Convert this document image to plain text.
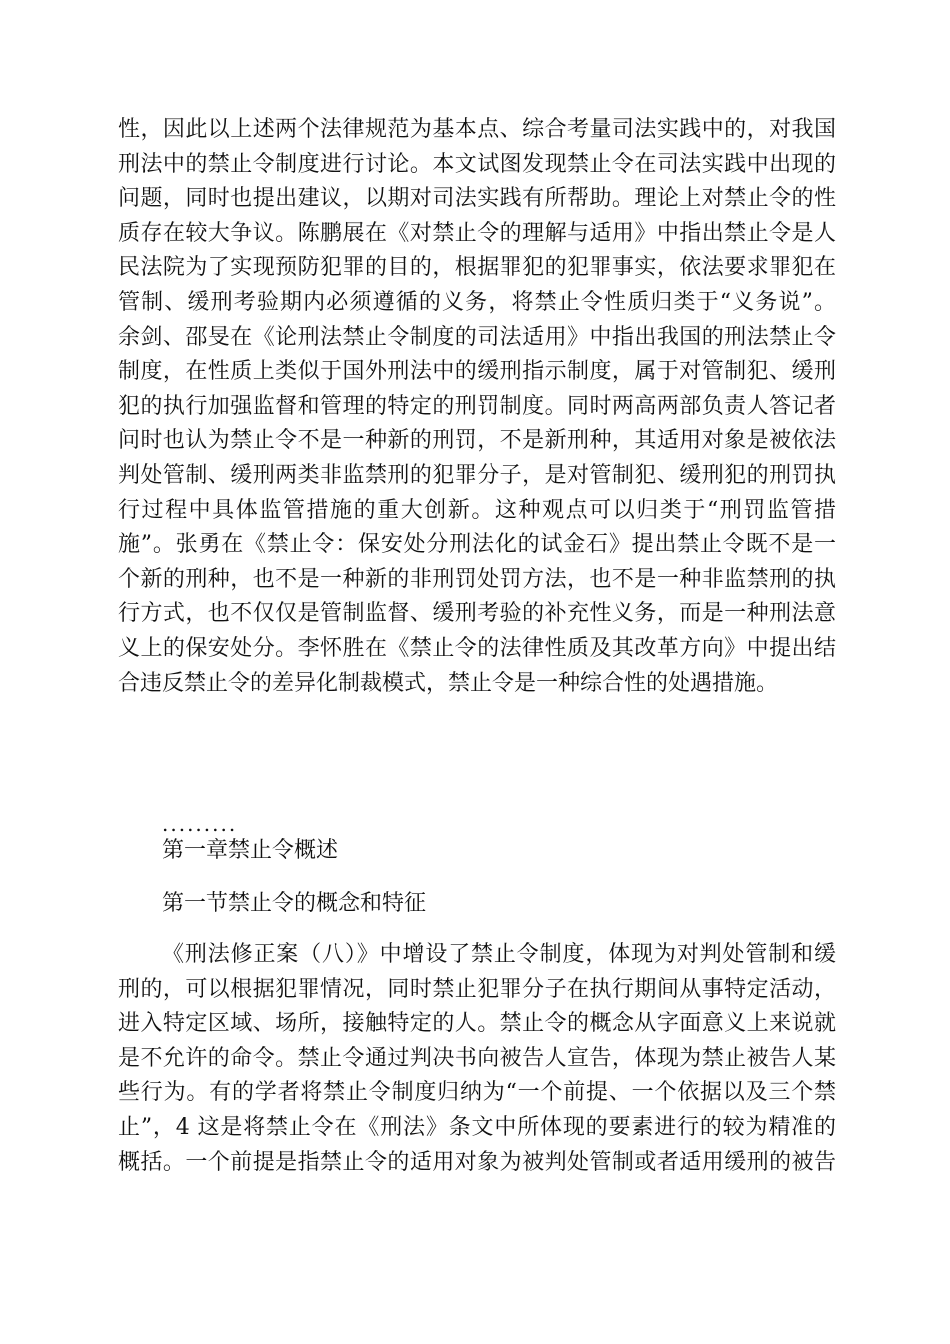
性，因此以上述两个法律规范为基本点、综合考量司法实践中的，对我国
刑法中的禁止令制度进行讨论。本文试图发现禁止令在司法实践中出现的
问题，同时也提出建议，以期对司法实践有所帮助。理论上对禁止令的性
质存在较大争议。陈鹏展在《对禁止令的理解与适用》中指出禁止令是人
民法院为了实现预防犯罪的目的，根据罪犯的犯罪事实，依法要求罪犯在
管制、缓刑考验期内必须遵循的义务，将禁止令性质归类于“义务说”。
余剑、邵旻在《论刑法禁止令制度的司法适用》中指出我国的刑法禁止令
制度，在性质上类似于国外刑法中的缓刑指示制度，属于对管制犯、缓刑
犯的执行加强监督和管理的特定的刑罚制度。同时两高两部负责人答记者
问时也认为禁止令不是一种新的刑罚，不是新刑种，其适用对象是被依法
判处管制、缓刑两类非监禁刑的犯罪分子，是对管制犯、缓刑犯的刑罚执
行过程中具体监管措施的重大创新。这种观点可以归类于“刑罚监管措
施”。张勇在《禁止令：保安处分刑法化的试金石》提出禁止令既不是一
个新的刑种，也不是一种新的非刑罚处罚方法，也不是一种非监禁刑的执
行方式，也不仅仅是管制监督、缓刑考验的补充性义务，而是一种刑法意
义上的保安处分。李怀胜在《禁止令的法律性质及其改革方向》中提出结
合违反禁止令的差异化制裁模式，禁止令是一种综合性的处遇措施。
.........
第一章禁止令概述
第一节禁止令的概念和特征
《刑法修正案（八）》中增设了禁止令制度，体现为对判处管制和缓
刑的，可以根据犯罪情况，同时禁止犯罪分子在执行期间从事特定活动，
进入特定区域、场所，接触特定的人。禁止令的概念从字面意义上来说就
是不允许的命令。禁止令通过判决书向被告人宣告，体现为禁止被告人某
些行为。有的学者将禁止令制度归纳为“一个前提、一个依据以及三个禁
止”，4 这是将禁止令在《刑法》条文中所体现的要素进行的较为精准的
概括。一个前提是指禁止令的适用对象为被判处管制或者适用缓刑的被告
